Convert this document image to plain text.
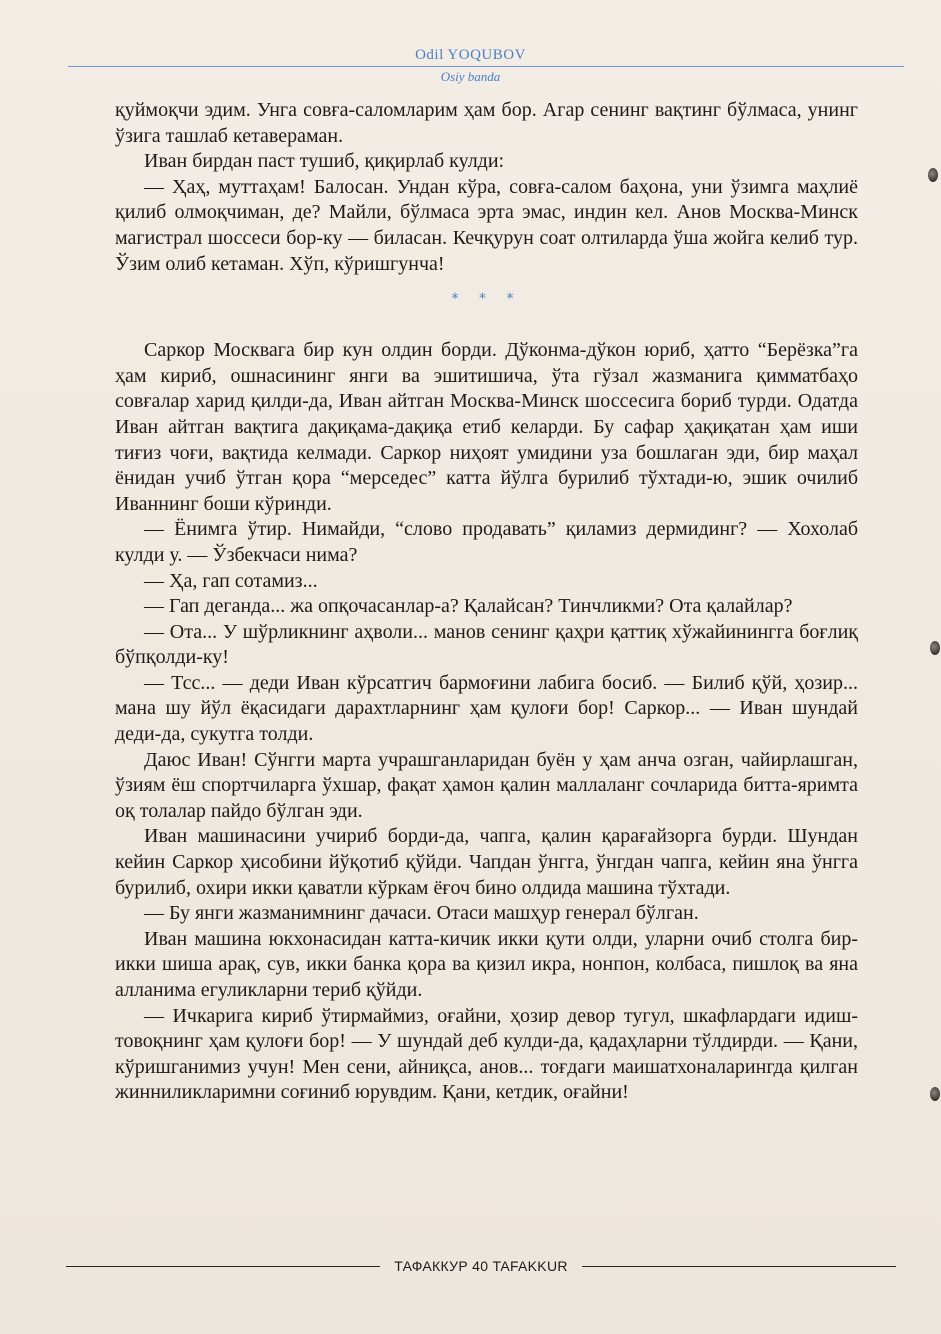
Odil YOQUBOV
Osiy banda

қуймоқчи эдим. Унга совға-саломларим ҳам бор. Агар сенинг вақтинг бўлмаса, унинг ўзига ташлаб кетавераман.

Иван бирдан паст тушиб, қиқирлаб кулди:

— Ҳаҳ, муттаҳам! Балосан. Ундан кўра, совға-салом баҳона, уни ўзимга маҳлиё қилиб олмоқчиман, де? Майли, бўлмаса эрта эмас, индин кел. Анов Москва-Минск магистрал шоссеси бор-ку — биласан. Кечқурун соат олтиларда ўша жойга келиб тур. Ўзим олиб кетаман. Хўп, кўришгунча!

* * *

Саркор Москвага бир кун олдин борди. Дўконма-дўкон юриб, ҳатто “Берёзка”га ҳам кириб, ошнасининг янги ва эшитишича, ўта гўзал жазманига қимматбаҳо совғалар харид қилди-да, Иван айтган Москва-Минск шоссесига бориб турди. Одатда Иван айтган вақтига дақиқама-дақиқа етиб келарди. Бу сафар ҳақиқатан ҳам иши тиғиз чоғи, вақтида келмади. Саркор ниҳоят умидини уза бошлаган эди, бир маҳал ёнидан учиб ўтган қора “мерседес” катта йўлга бурилиб тўхтади-ю, эшик очилиб Иваннинг боши кўринди.

— Ёнимга ўтир. Нимайди, “слово продавать” қиламиз дермидинг? — Хохолаб кулди у. — Ўзбекчаси нима?

— Ҳа, гап сотамиз...

— Гап деганда... жа опқочасанлар-а? Қалайсан? Тинчликми? Ота қалайлар?

— Ота... У шўрликнинг аҳволи... манов сенинг қаҳри қаттиқ хўжайинингга боғлиқ бўпқолди-ку!

— Тсс... — деди Иван кўрсатгич бармоғини лабига босиб. — Билиб қўй, ҳозир... мана шу йўл ёқасидаги дарахтларнинг ҳам қулоғи бор! Саркор... — Иван шундай деди-да, сукутга толди.

Даюс Иван! Сўнгги марта учрашганларидан буён у ҳам анча озган, чайирлашган, ўзиям ёш спортчиларга ўхшар, фақат ҳамон қалин маллаланг сочларида битта-яримта оқ толалар пайдо бўлган эди.

Иван машинасини учириб борди-да, чапга, қалин қарағайзорга бурди. Шундан кейин Саркор ҳисобини йўқотиб қўйди. Чапдан ўнгга, ўнгдан чапга, кейин яна ўнгга бурилиб, охири икки қаватли кўркам ёғоч бино олдида машина тўхтади.

— Бу янги жазманимнинг дачаси. Отаси машҳур генерал бўлган.

Иван машина юкхонасидан катта-кичик икки қути олди, уларни очиб столга бир-икки шиша арақ, сув, икки банка қора ва қизил икра, нонпон, колбаса, пишлоқ ва яна алланима егуликларни териб қўйди.

— Ичкарига кириб ўтирмаймиз, оғайни, ҳозир девор тугул, шкафлардаги идиш-товоқнинг ҳам қулоғи бор! — У шундай деб кулди-да, қадаҳларни тўлдирди. — Қани, кўришганимиз учун! Мен сени, айниқса, анов... тоғдаги маишатхоналарингда қилган жинниликларимни соғиниб юрувдим. Қани, кетдик, оғайни!

ТАФАККУР 40 TAFAKKUR
